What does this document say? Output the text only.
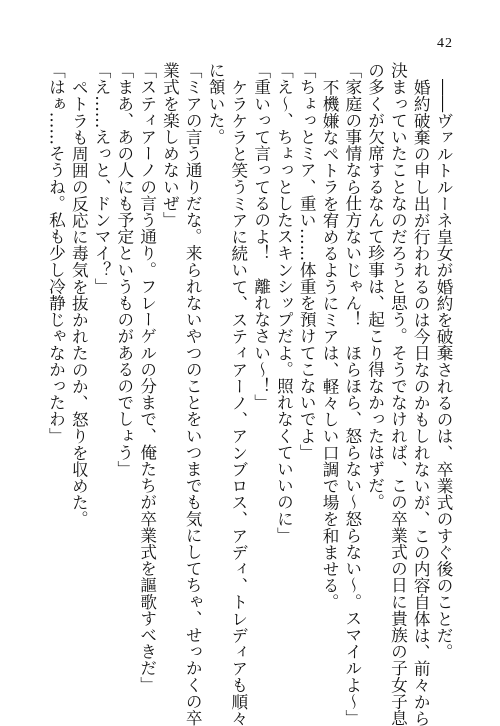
42
――ヴァルトルーネ皇女が婚約を破棄されるのは、卒業式のすぐ後のことだ。
婚約破棄の申し出が行われるのは今日なのかもしれないが、この内容自体は、前々から
決まっていたことなのだろうと思う。そうでなければ、この卒業式の日に貴族の子女子息
の多くが欠席するなんて珍事は、起こり得なかったはずだ。
「家庭の事情なら仕方ないじゃん！　ほらほら、怒らない～怒らない～。スマイルよ～」
不機嫌なペトラを宥めるようにミアは、軽々しい口調で場を和ませる。
「ちょっとミア、重い……体重を預けてこないでよ」
「え～、ちょっとしたスキンシップだよ。照れなくていいのに」
「重いって言ってるのよ！　離れなさい～！」
ケラケラと笑うミアに続いて、スティアーノ、アンブロス、アディ、トレディアも順々
に頷いた。
「ミアの言う通りだな。来られないやつのことをいつまでも気にしてちゃ、せっかくの卒
業式を楽しめないぜ」
「スティアーノの言う通り。フレーゲルの分まで、俺たちが卒業式を謳歌すべきだ」
「まあ、あの人にも予定というものがあるのでしょう」
「え……えっと、ドンマイ？」
ペトラも周囲の反応に毒気を抜かれたのか、怒りを収めた。
「はぁ……そうね。私も少し冷静じゃなかったわ」
